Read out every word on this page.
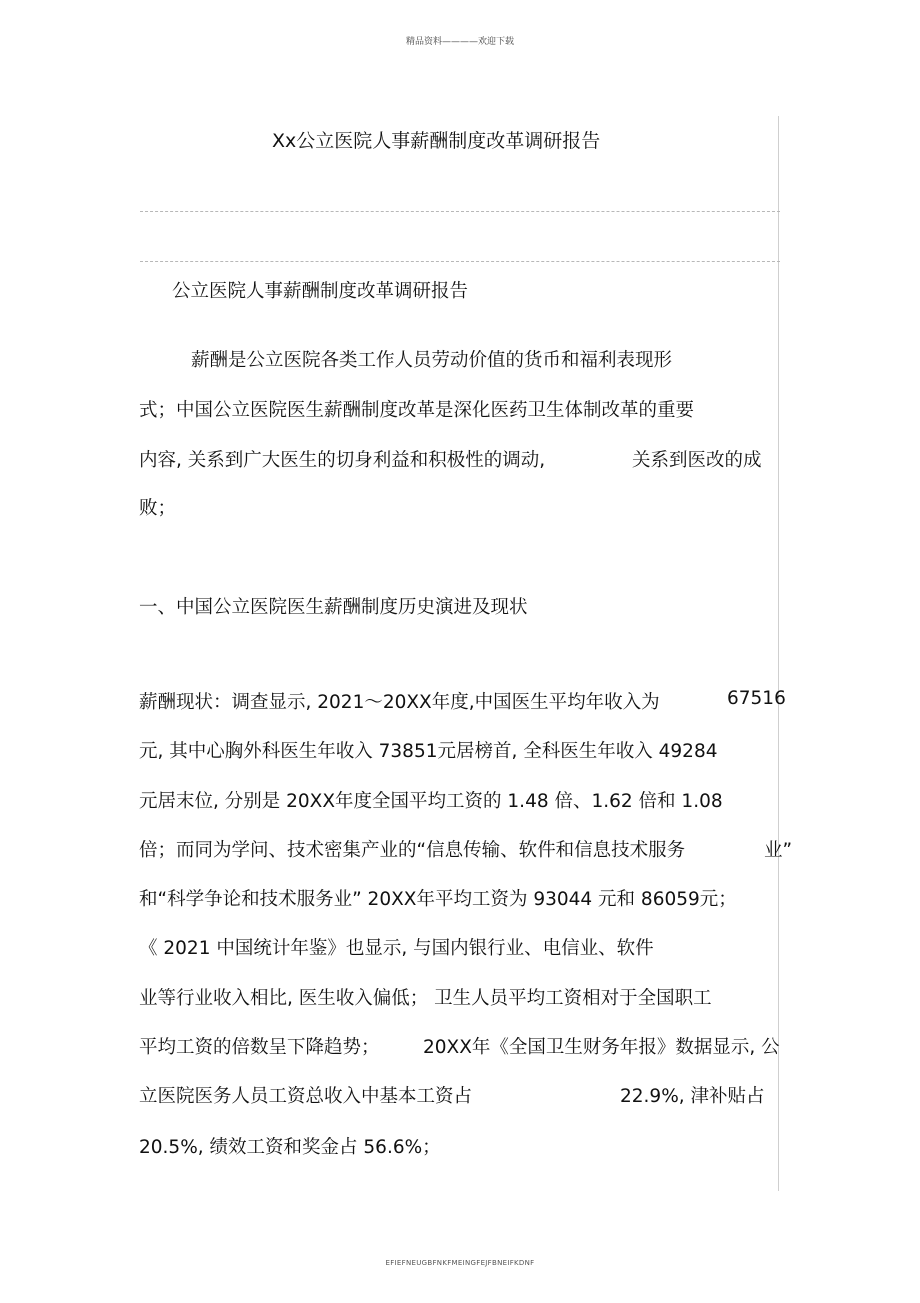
精品资料————欢迎下载
Xx公立医院人事薪酬制度改革调研报告
公立医院人事薪酬制度改革调研报告
薪酬是公立医院各类工作人员劳动价值的货币和福利表现形
式；中国公立医院医生薪酬制度改革是深化医药卫生体制改革的重要
内容, 关系到广大医生的切身利益和积极性的调动,	关系到医改的成
败；
一、中国公立医院医生薪酬制度历史演进及现状
薪酬现状：调查显示, 2021～20XX年度,中国医生平均年收入为	67516
元, 其中心胸外科医生年收入 73851元居榜首, 全科医生年收入 49284
元居末位, 分别是 20XX年度全国平均工资的 1.48 倍、1.62 倍和 1.08
倍；而同为学问、技术密集产业的“信息传输、软件和信息技术服务	业”
和“科学争论和技术服务业” 20XX年平均工资为 93044 元和 86059元；
《 2021 中国统计年鉴》也显示, 与国内银行业、电信业、软件
业等行业收入相比, 医生收入偏低； 卫生人员平均工资相对于全国职工
平均工资的倍数呈下降趋势； 20XX年《全国卫生财务年报》数据显示, 公
立医院医务人员工资总收入中基本工资占	22.9%, 津补贴占
20.5%, 绩效工资和奖金占 56.6%；
EFIEFNEUGBFNKFMEINGFEJFBNEIFKDNF
